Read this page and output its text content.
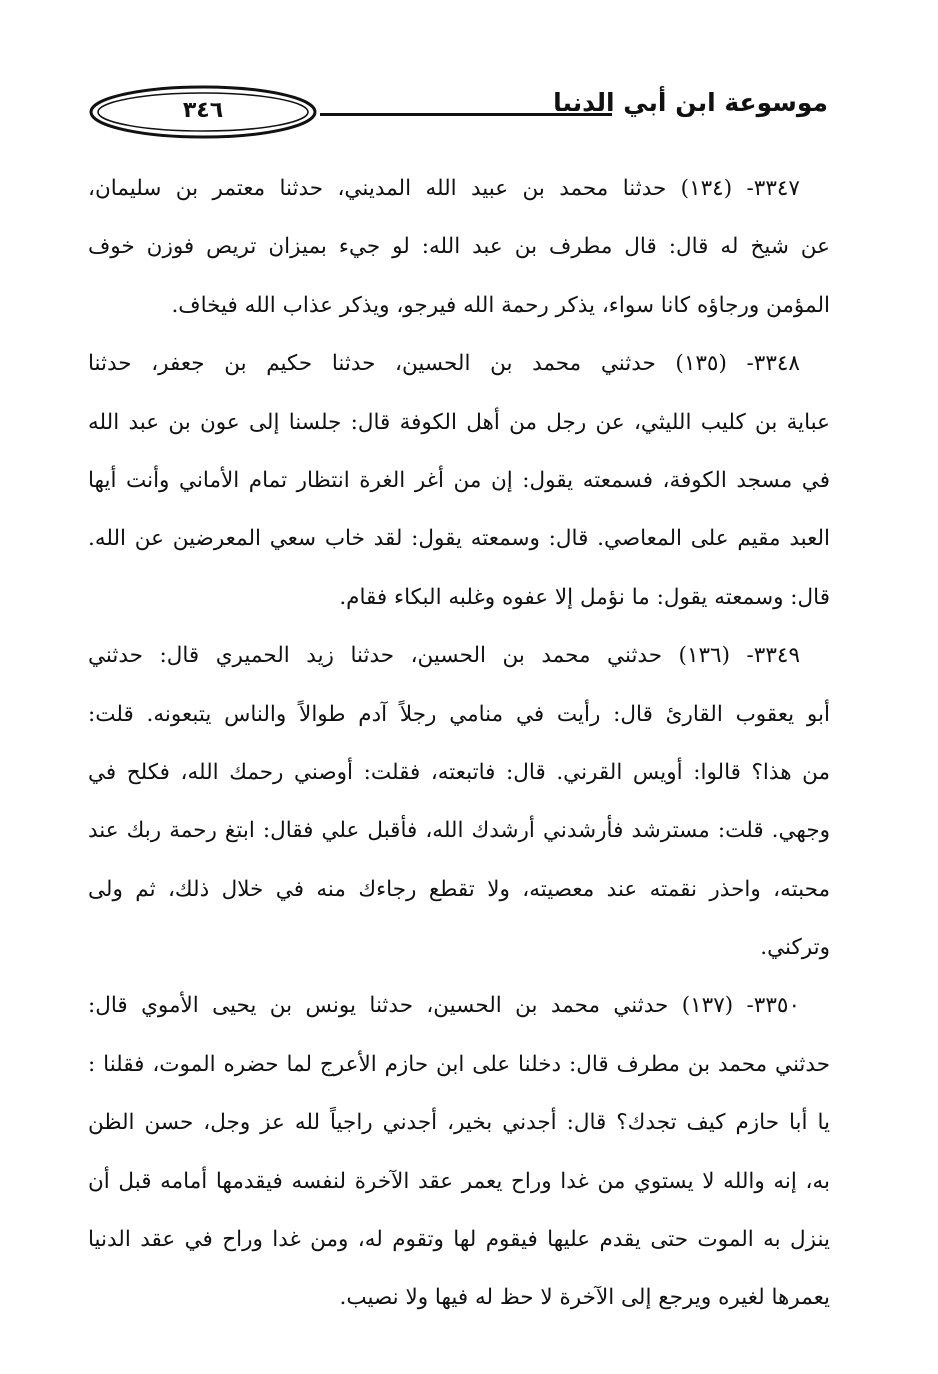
٣٤٦	موسوعة ابن أبي الدنيا
٣٣٤٧- (١٣٤) حدثنا محمد بن عبيد الله المديني، حدثنا معتمر بن سليمان،
عن شيخ له قال: قال مطرف بن عبد الله: لو جيء بميزان تريص فوزن خوف
المؤمن ورجاؤه كانا سواء، يذكر رحمة الله فيرجو، ويذكر عذاب الله فيخاف.
٣٣٤٨- (١٣٥) حدثني محمد بن الحسين، حدثنا حكيم بن جعفر، حدثنا
عباية بن كليب الليثي، عن رجل من أهل الكوفة قال: جلسنا إلى عون بن عبد الله
في مسجد الكوفة، فسمعته يقول: إن من أغر الغرة انتظار تمام الأماني وأنت أيها
العبد مقيم على المعاصي. قال: وسمعته يقول: لقد خاب سعي المعرضين عن الله.
قال: وسمعته يقول: ما نؤمل إلا عفوه وغلبه البكاء فقام.
٣٣٤٩- (١٣٦) حدثني محمد بن الحسين، حدثنا زيد الحميري قال: حدثني
أبو يعقوب القارئ قال: رأيت في منامي رجلاً آدم طوالاً والناس يتبعونه. قلت:
من هذا؟ قالوا: أويس القرني. قال: فاتبعته، فقلت: أوصني رحمك الله، فكلح في
وجهي. قلت: مسترشد فأرشدني أرشدك الله، فأقبل علي فقال: ابتغ رحمة ربك عند
محبته، واحذر نقمته عند معصيته، ولا تقطع رجاءك منه في خلال ذلك، ثم ولى
وتركني.
٣٣٥٠- (١٣٧) حدثني محمد بن الحسين، حدثنا يونس بن يحيى الأموي قال:
حدثني محمد بن مطرف قال: دخلنا على ابن حازم الأعرج لما حضره الموت، فقلنا :
يا أبا حازم كيف تجدك؟ قال: أجدني بخير، أجدني راجياً لله عز وجل، حسن الظن
به، إنه والله لا يستوي من غدا وراح يعمر عقد الآخرة لنفسه فيقدمها أمامه قبل أن
ينزل به الموت حتى يقدم عليها فيقوم لها وتقوم له، ومن غدا وراح في عقد الدنيا
يعمرها لغيره ويرجع إلى الآخرة لا حظ له فيها ولا نصيب.
